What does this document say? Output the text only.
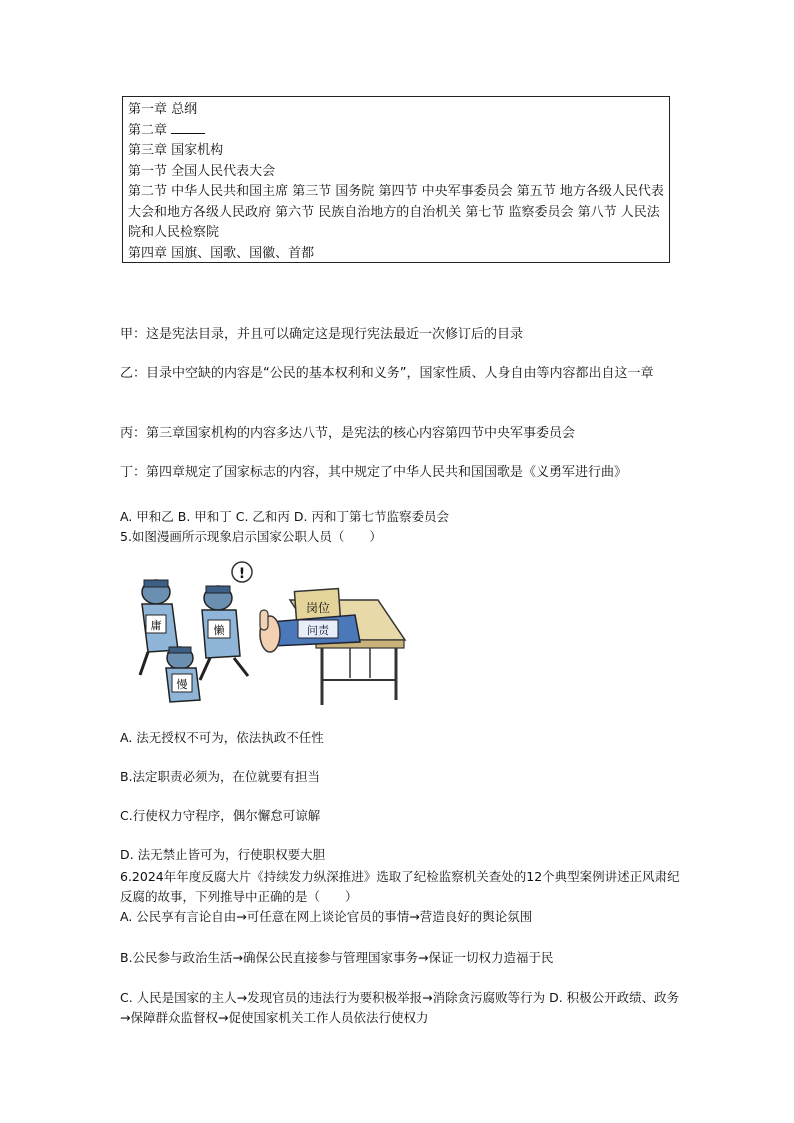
第一章 总纲
第二章
第三章 国家机构
第一节 全国人民代表大会
第二节 中华人民共和国主席 第三节 国务院 第四节 中央军事委员会 第五节 地方各级人民代表大会和地方各级人民政府 第六节 民族自治地方的自治机关 第七节 监察委员会 第八节 人民法院和人民检察院
第四章 国旗、国歌、国徽、首都
甲：这是宪法目录，并且可以确定这是现行宪法最近一次修订后的目录
乙：目录中空缺的内容是“公民的基本权利和义务”，国家性质、人身自由等内容都出自这一章
丙：第三章国家机构的内容多达八节，是宪法的核心内容第四节中央军事委员会
丁：第四章规定了国家标志的内容，其中规定了中华人民共和国国歌是《义勇军进行曲》
A. 甲和乙 B. 甲和丁 C. 乙和丙 D. 丙和丁第七节监察委员会
5.如图漫画所示现象启示国家公职人员（　　）
岗位
问责
!
庸	懒
慢
A. 法无授权不可为，依法执政不任性
B.法定职责必须为，在位就要有担当
C.行使权力守程序，偶尔懈怠可谅解
D. 法无禁止皆可为，行使职权要大胆
6.2024年年度反腐大片《持续发力纵深推进》选取了纪检监察机关查处的12个典型案例讲述正风肃纪反腐的故事，下列推导中正确的是（　　）
A. 公民享有言论自由→可任意在网上谈论官员的事情→营造良好的舆论氛围
B.公民参与政治生活→确保公民直接参与管理国家事务→保证一切权力造福于民
C. 人民是国家的主人→发现官员的违法行为要积极举报→消除贪污腐败等行为 D. 积极公开政绩、政务→保障群众监督权→促使国家机关工作人员依法行使权力
